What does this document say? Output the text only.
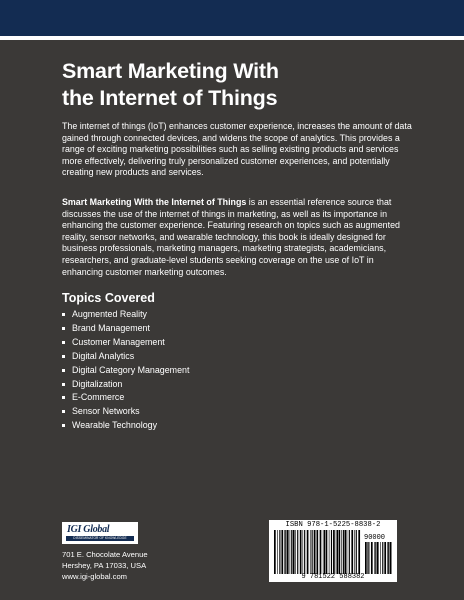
Smart Marketing With
the Internet of Things

The internet of things (IoT) enhances customer experience, increases the amount of data gained through connected devices, and widens the scope of analytics. This provides a range of exciting marketing possibilities such as selling existing products and services more effectively, delivering truly personalized customer experiences, and potentially creating new products and services.

Smart Marketing With the Internet of Things is an essential reference source that discusses the use of the internet of things in marketing, as well as its importance in enhancing the customer experience. Featuring research on topics such as augmented reality, sensor networks, and wearable technology, this book is ideally designed for business professionals, marketing managers, marketing strategists, academicians, researchers, and graduate-level students seeking coverage on the use of IoT in enhancing customer marketing outcomes.

Topics Covered
Augmented Reality
Brand Management
Customer Management
Digital Analytics
Digital Category Management
Digitalization
E-Commerce
Sensor Networks
Wearable Technology
IGI Global
DISSEMINATOR OF KNOWLEDGE
701 E. Chocolate Avenue
Hershey, PA 17033, USA
www.igi-global.com
ISBN 978-1-5225-8838-2
90000
9 781522 588382
